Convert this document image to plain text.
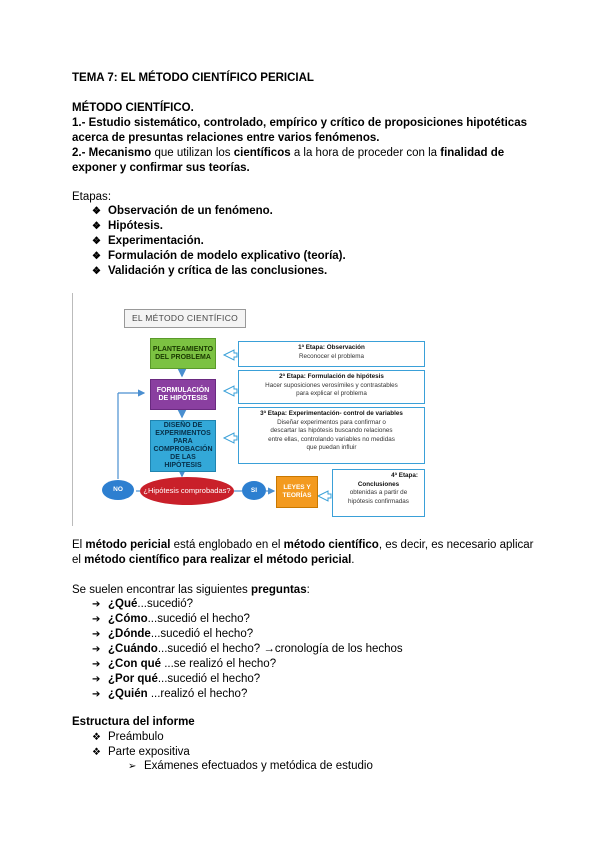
TEMA 7: EL MÉTODO CIENTÍFICO PERICIAL
MÉTODO CIENTÍFICO.
1.- Estudio sistemático, controlado, empírico y crítico de proposiciones hipotéticas
acerca de presuntas relaciones entre varios fenómenos.
2.- Mecanismo que utilizan los científicos a la hora de proceder con la finalidad de
exponer y confirmar sus teorías.
Etapas:
❖ Observación de un fenómeno.
❖ Hipótesis.
❖ Experimentación.
❖ Formulación de modelo explicativo (teoría).
❖ Validación y crítica de las conclusiones.
EL MÉTODO CIENTÍFICO
PLANTEAMIENTO DEL PROBLEMA
FORMULACIÓN DE HIPÓTESIS
DISEÑO DE EXPERIMENTOS PARA COMPROBACIÓN DE LAS HIPÓTESIS
¿Hipótesis comprobadas?
NO	SI	LEYES Y TEORÍAS
1ª Etapa: Observación
Reconocer el problema
2ª Etapa: Formulación de hipótesis
Hacer suposiciones verosímiles y contrastables
para explicar el problema
3ª Etapa: Experimentación- control de variables
Diseñar experimentos para confirmar o
descartar las hipótesis buscando relaciones
entre ellas, controlando variables no medidas
que puedan influir
4ª Etapa:
Conclusiones
obtenidas a partir de
hipótesis confirmadas
El método pericial está englobado en el método científico, es decir, es necesario aplicar
el método científico para realizar el método pericial.
Se suelen encontrar las siguientes preguntas:
➔ ¿Qué...sucedió?
➔ ¿Cómo...sucedió el hecho?
➔ ¿Dónde...sucedió el hecho?
➔ ¿Cuándo...sucedió el hecho? →cronología de los hechos
➔ ¿Con qué ...se realizó el hecho?
➔ ¿Por qué...sucedió el hecho?
➔ ¿Quién ...realizó el hecho?
Estructura del informe
❖ Preámbulo
❖ Parte expositiva
➢ Exámenes efectuados y metódica de estudio
